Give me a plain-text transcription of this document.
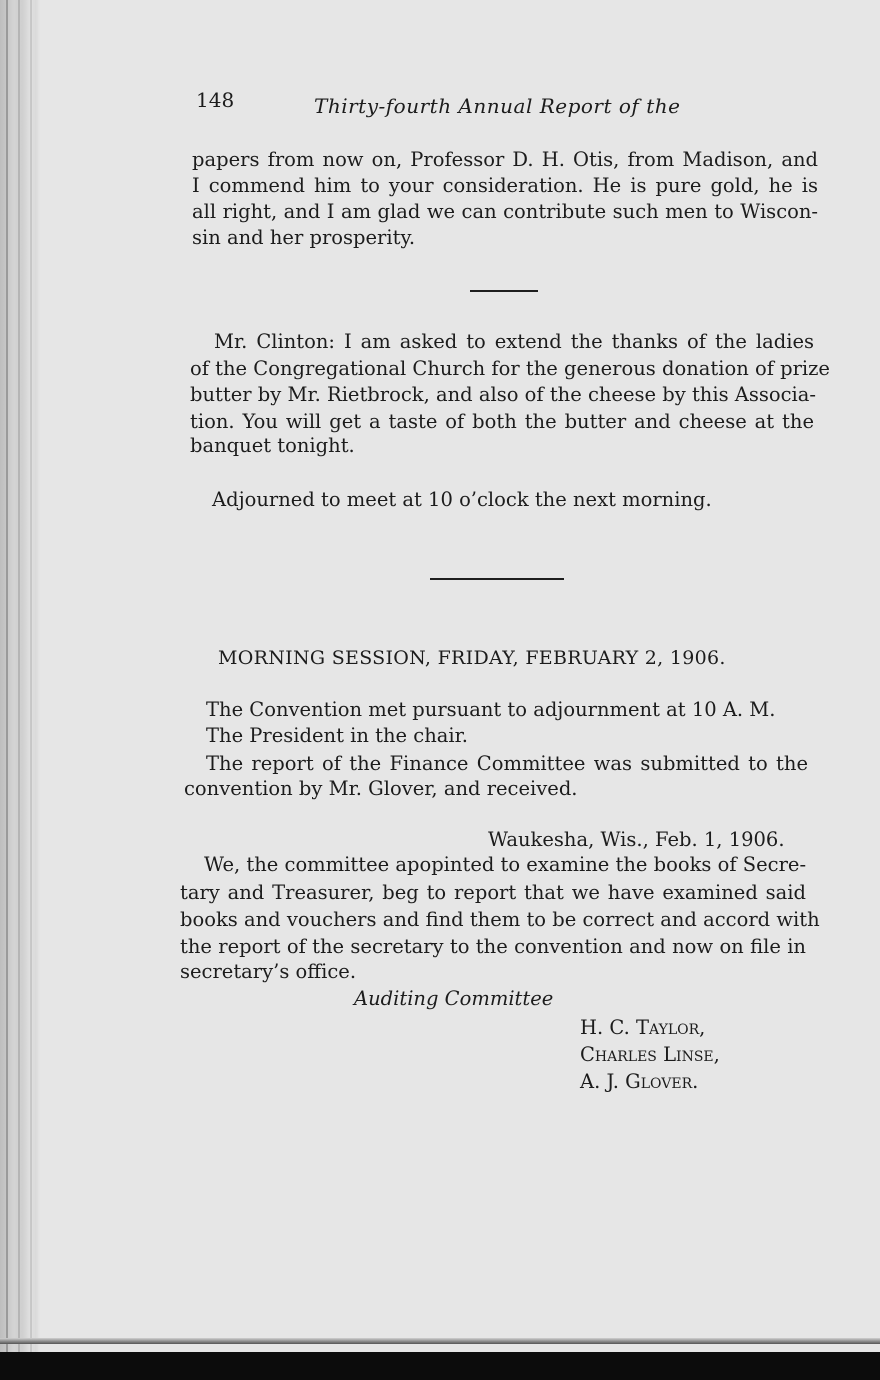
148	Thirty-fourth Annual Report of the
papers from now on, Professor D. H. Otis, from Madison, and
I commend him to your consideration. He is pure gold, he is
all right, and I am glad we can contribute such men to Wiscon-
sin and her prosperity.
Mr. Clinton: I am asked to extend the thanks of the ladies
of the Congregational Church for the generous donation of prize
butter by Mr. Rietbrock, and also of the cheese by this Associa-
tion. You will get a taste of both the butter and cheese at the
banquet tonight.
Adjourned to meet at 10 o’clock the next morning.
MORNING SESSION, FRIDAY, FEBRUARY 2, 1906.
The Convention met pursuant to adjournment at 10 A. M.
The President in the chair.
The report of the Finance Committee was submitted to the
convention by Mr. Glover, and received.
Waukesha, Wis., Feb. 1, 1906.
We, the committee apopinted to examine the books of Secre-
tary and Treasurer, beg to report that we have examined said
books and vouchers and find them to be correct and accord with
the report of the secretary to the convention and now on file in
secretary’s office.
Auditing Committee
H. C. Taylor,
Charles Linse,
A. J. Glover.
